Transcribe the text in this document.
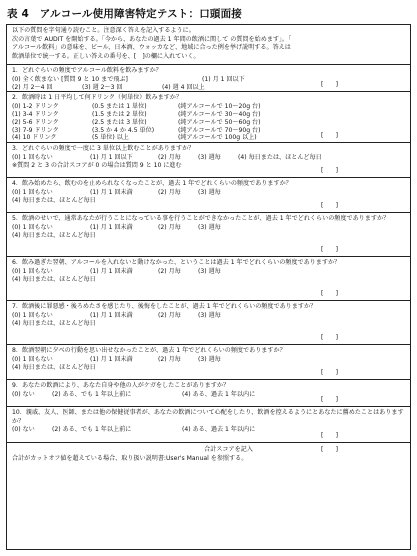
表 4　アルコール使用障害特定テスト：口頭面接
以下の質問を字句通り読むこと。注意深く答えを記入するように。
次の言葉で AUDIT を開始する。「今から、あなたの過去 1 年間の飲酒に関して の質問を始めます」。「
アルコール飲料」の意味を、ビール、日本酒、ウォッカなど、地域に合った例を挙げ説明する。答えは
飲酒単位で統一する。正しい答えの番号を、[　]の欄に入れていく。
1．どれぐらいの頻度でアルコール飲料を飲みますか？
(0) 全く飲まない [質問 9 と 10 まで飛ぶ]	(1) 月 1 回以下
(2) 月 2〜4 回	(3) 週 2〜3 回	(4) 週 4 回以上	[　　]
2．飲酒時は 1 日平均して何ドリンク（何単位）飲みますか？
(0) 1-2 ドリンク	(0.5 または 1 単位)	(純アルコールで 10〜20g 台)
(1) 3-4 ドリンク	(1.5 または 2 単位)	(純アルコールで 30〜40g 台)
(2) 5-6 ドリンク	(2.5 または 3 単位)	(純アルコールで 50〜60g 台)
(3) 7-9 ドリンク	(3.5 か 4 か 4.5 単位)	(純アルコールで 70〜90g 台)
(4) 10 ドリンク	(5 単位) 以上	(純アルコールで 100g 以上)	[　　]
3．どれぐらいの頻度で一度に 3 単位以上飲むことがありますか？
(0) 1 回もない	(1) 月 1 回以下	(2) 月毎	(3) 週毎	(4) 毎日または、ほとんど毎日
※質問 2 と 3 の合計スコアが 0 の場合は質問 9 と 10 に進む
[　　]
4．飲み始めたら、飲むのを止められなくなったことが、過去 1 年でどれくらいの頻度でありますか？
(0) 1 回もない	(1) 月 1 回未満	(2) 月毎	(3) 週毎
(4) 毎日または、ほとんど毎日
[　　]
5．飲酒のせいで、通常あなたが行うことになっている事を行うことができなかったことが、過去 1 年でどれくらいの頻度でありますか？
(0) 1 回もない	(1) 月 1 回未満	(2) 月毎	(3) 週毎
(4) 毎日または、ほとんど毎日
[　　]
6．飲み過ぎた翌朝、アルコールを入れないと動けなかった、ということは過去 1 年でどれくらいの頻度でありますか？
(0) 1 回もない	(1) 月 1 回未満	(2) 月毎	(3) 週毎
(4) 毎日または、ほとんど毎日
[　　]
7．飲酒後に罪悪感・後ろめたさを感じたり、後悔をしたことが、過去 1 年でどれくらいの頻度でありますか？
(0) 1 回もない	(1) 月 1 回未満	(2) 月毎	(3) 週毎
(4) 毎日または、ほとんど毎日
[　　]
8．飲酒翌朝に夕べの行動を思い出せなかったことが、過去 1 年でどれくらいの頻度でありますか？
(0) 1 回もない	(1) 月 1 回未満	(2) 月毎	(3) 週毎
(4) 毎日または、ほとんど毎日
[　　]
9．あなたの飲酒により、あなた自身や他の人がケガをしたことがありますか？
(0) ない	(2) ある、でも 1 年以上前に	(4) ある、過去 1 年以内に
[　　]
10．親戚、友人、医師、または他の保健従事者が、あなたの飲酒について心配をしたり、飲酒を控えるようにとあなたに薦めたことはありますか？
(0) ない	(2) ある、でも 1 年以上前に	(4) ある、過去 1 年以内に
[　　]
合計スコアを記入	[　　]
合計がカットオフ値を超えている場合、取り扱い説明書:User's Manual を参照する。
